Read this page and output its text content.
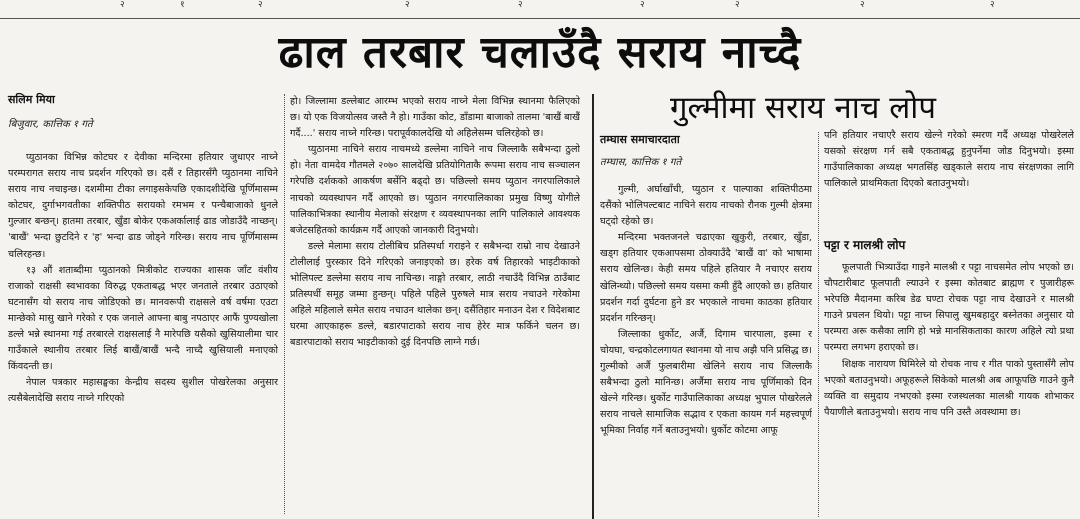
२	१	२	२	२	२	२	२	२
ढाल तरबार चलाउँदै सराय नाच्दै
सलिम मिया
बिजुवार, कात्तिक १ गते

प्युठानका विभिन्न कोटघर र देवीका मन्दिरमा हतियार जुधाएर नाच्ने परम्परागत सराय नाच प्रदर्शन गरिएको छ। दसैं र तिहारसँगै प्युठानमा नाचिने सराय नाच नचाइन्छ। दशमीमा टीका लगाइसकेपछि एकादशीदेखि पूर्णिमासम्म कोटघर, दुर्गाभगवतीका शक्तिपीठ सरायको रमभम र पन्चैबाजाको धुनले गुल्जार बन्छन्। हातमा तरबार, खुँडा बोकेर एकअर्कालाई ढाड जोडाउँदै नाच्छन्। 'बाखैं' भन्दा छुटदिने र 'ह' भन्दा ढाड जोड्ने गरिन्छ। सराय नाच पूर्णिमासम्म चलिरहन्छ।

१३ औं शताब्दीमा प्युठानको मित्रीकोट राज्यका शासक जाँट वंशीय राजाको राक्षसी स्वभावका विरुद्ध एकताबद्ध भएर जनताले तरबार उठाएको घटनासँग यो सराय नाच जोडिएको छ। मानवरूपी राक्षसले वर्ष वर्षमा एउटा मान्छेको मासु खाने गरेको र एक जनाले आफ्ना बाबु नपठाएर आफैं पुण्यखोला डल्ले भन्ने स्थानमा गई तरबारले राक्षसलाई नै मारेपछि यसैको खुसियालीमा चार गाउँकाले स्थानीय तरबार लिई बाखैं/बाखैं भन्दै नाच्दै खुसियाली मनाएको किंवदन्ती छ।

नेपाल पत्रकार महासङ्घका केन्द्रीय सदस्य सुशील पोखरेलका अनुसार त्यसैबेलादेखि सराय नाच्ने गरिएको

हो। जिल्लामा डल्लेबाट आरम्भ भएको सराय नाच्ने मेला विभिन्न स्थानमा फैलिएको छ। यो एक विजयोत्सव जस्तै नै हो। गाउँका कोट, डाँडामा बाजाको तालमा 'बाखैं बाखैं गर्दै....' सराय नाच्ने गरिन्छ। परापूर्वकालदेखि यो अहिलेसम्म चलिरहेको छ।

प्युठानमा नाचिने सराय नाचमध्ये डल्लेमा नाचिने नाच जिल्लाकै सबैभन्दा ठुलो हो। नेता वामदेव गौतमले २०७० सालदेखि प्रतियोगिताकै रूपमा सराय नाच सञ्चालन गरेपछि दर्शकको आकर्षण बर्सेनि बढ्दो छ। पछिल्लो समय प्युठान नगरपालिकाले नाचको व्यवस्थापन गर्दै आएको छ। प्युठान नगरपालिकाका प्रमुख विष्णु योगीले पालिकाभित्रका स्थानीय मेलाको संरक्षण र व्यवस्थापनका लागि पालिकाले आवश्यक बजेटसहितको कार्यक्रम गर्दै आएको जानकारी दिनुभयो।

डल्ले मेलामा सराय टोलीबिच प्रतिस्पर्धा गराइने र सबैभन्दा राम्रो नाच देखाउने टोलीलाई पुरस्कार दिने गरिएको जनाइएको छ। हरेक वर्ष तिहारको भाइटीकाको भोलिपल्ट डल्लेमा सराय नाच नाचिन्छ। नाङ्गो तरबार, लाठी नचाउँदै विभिन्न ठाउँबाट प्रतिस्पर्धी समूह जम्मा हुन्छन्। पहिले पहिले पुरुषले मात्र सराय नचाउने गरेकोमा अहिले महिलाले समेत सराय नचाउन थालेका छन्। दसैंतिहार मनाउन देश र विदेशबाट घरमा आएकाहरू डल्ले, बडारपाटाको सराय नाच हेरेर मात्र फर्किने चलन छ। बडारपाटाको सराय भाइटीकाको दुई दिनपछि लाग्ने गर्छ।

गुल्मीमा सराय नाच लोप
तम्घास समाचारदाता
तम्घास, कात्तिक १ गते

गुल्मी, अर्घाखाँची, प्युठान र पाल्पाका शक्तिपीठमा दसैंको भोलिपल्टबाट नाचिने सराय नाचको रौनक गुल्मी क्षेत्रमा घट्दो रहेको छ।

मन्दिरमा भक्तजनले चढाएका खुकुरी, तरबार, खुँडा, खड्ग हतियार एकआपसमा ठोक्याउँदै 'बाखैं वा' को भाषामा सराय खेलिन्छ। केही समय पहिले हतियार नै नचाएर सराय खेलिन्थ्यो। पछिल्लो समय यसमा कमी हुँदै आएको छ। हतियार प्रदर्शन गर्दा दुर्घटना हुने डर भएकाले नाचमा काठका हतियार प्रदर्शन गरिन्छन्।

जिल्लाका धुर्कोट, अर्जै, दिगाम चारपाला, इस्मा र चोयघा, चन्द्रकोटलगायत स्थानमा यो नाच अझै पनि प्रसिद्ध छ। गुल्मीको अर्जै फुलबारीमा खेलिने सराय नाच जिल्लाकै सबैभन्दा ठुलो मानिन्छ। अर्जैमा सराय नाच पूर्णिमाको दिन खेल्ने गरिन्छ। धुर्कोट गाउँपालिकाका अध्यक्ष भुपाल पोखरेलले सराय नाचले सामाजिक सद्भाव र एकता कायम गर्न महत्त्वपूर्ण भूमिका निर्वाह गर्ने बताउनुभयो। धुर्कोट कोटमा आफू

पनि हतियार नचाएरै सराय खेल्ने गरेको स्मरण गर्दै अध्यक्ष पोखरेलले यसको संरक्षण गर्न सबै एकताबद्ध हुनुपर्नेमा जोड दिनुभयो। इस्मा गाउँपालिकाका अध्यक्ष भगतसिंह खड्काले सराय नाच संरक्षणका लागि पालिकाले प्राथमिकता दिएको बताउनुभयो।

पट्टा र मालश्री लोप

फूलपाती भित्र्याउँदा गाइने मालश्री र पट्टा नाचसमेत लोप भएको छ। चौपटारीबाट फूलपाती ल्याउने र इस्मा कोतबाट ब्राह्मण र पुजारीहरू भरेपछि मैदानमा करिब डेढ घण्टा रोचक पट्टा नाच देखाउने र मालश्री गाउने प्रचलन थियो। पट्टा नाच्न सिपालु खुमबहादुर बस्नेतका अनुसार यो परम्परा अरू कसैका लागि हो भन्ने मानसिकताका कारण अहिले त्यो प्रथा परम्परा लगभग हराएको छ।

शिक्षक नारायण घिमिरेले यो रोचक नाच र गीत पाको पुस्तासँगै लोप भएको बताउनुभयो। अफूहरूले सिकेको मालश्री अब आफूपछि गाउने कुनै व्यक्ति वा समुदाय नभएको इस्मा रजस्थलका मालश्री गायक शोभाकर पैयाणीले बताउनुभयो। सराय नाच पनि उस्तै अवस्थामा छ।
